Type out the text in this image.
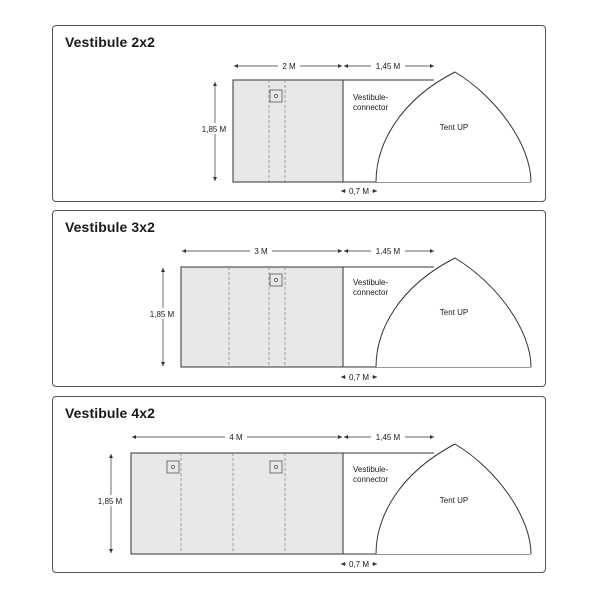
Vestibule 2x2
2 M	1,45 M
1,85 M
Vestibule-
connector
Tent UP
0,7 M
Vestibule 3x2
3 M	1,45 M
1,85 M
Vestibule-
connector
Tent UP
0,7 M
Vestibule 4x2
4 M	1,45 M
1,85 M
Vestibule-
connector
Tent UP
0,7 M
